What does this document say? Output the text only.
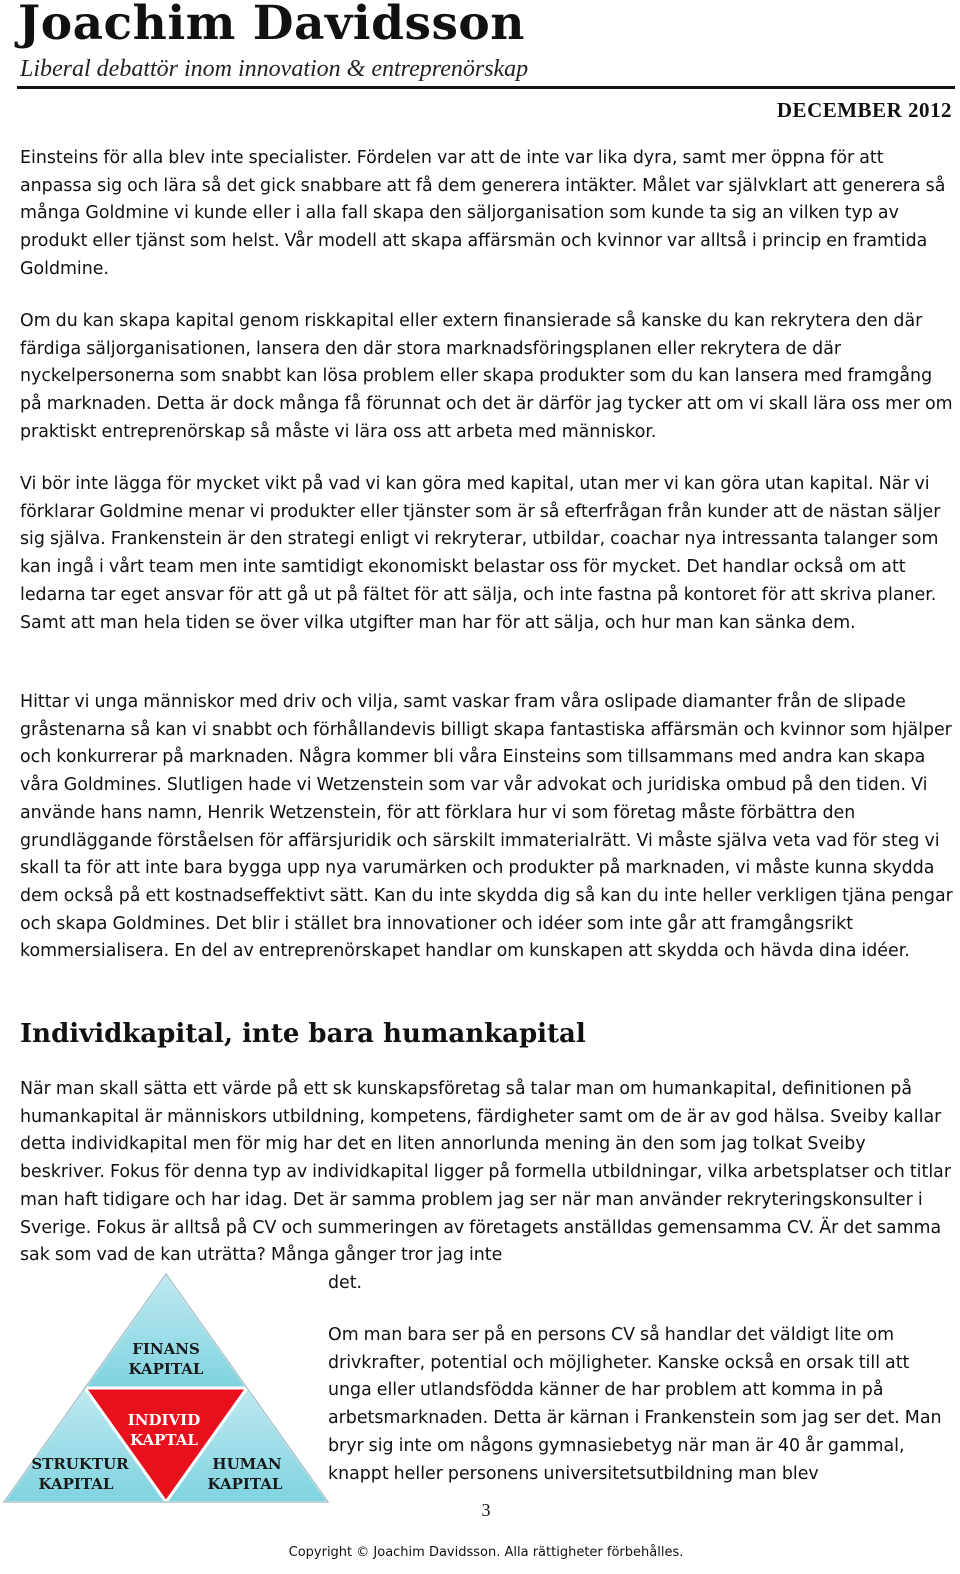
Joachim Davidsson
Liberal debattör inom innovation & entreprenörskap
DECEMBER 2012

Einsteins för alla blev inte specialister. Fördelen var att de inte var lika dyra, samt mer öppna för att anpassa sig och lära så det gick snabbare att få dem generera intäkter. Målet var självklart att generera så många Goldmine vi kunde eller i alla fall skapa den säljorganisation som kunde ta sig an vilken typ av produkt eller tjänst som helst. Vår modell att skapa affärsmän och kvinnor var alltså i princip en framtida Goldmine.

Om du kan skapa kapital genom riskkapital eller extern finansierade så kanske du kan rekrytera den där färdiga säljorganisationen, lansera den där stora marknadsföringsplanen eller rekrytera de där nyckelpersonerna som snabbt kan lösa problem eller skapa produkter som du kan lansera med framgång på marknaden. Detta är dock många få förunnat och det är därför jag tycker att om vi skall lära oss mer om praktiskt entreprenörskap så måste vi lära oss att arbeta med människor.

Vi bör inte lägga för mycket vikt på vad vi kan göra med kapital, utan mer vi kan göra utan kapital. När vi förklarar Goldmine menar vi produkter eller tjänster som är så efterfrågan från kunder att de nästan säljer sig själva. Frankenstein är den strategi enligt vi rekryterar, utbildar, coachar nya intressanta talanger som kan ingå i vårt team men inte samtidigt ekonomiskt belastar oss för mycket. Det handlar också om att ledarna tar eget ansvar för att gå ut på fältet för att sälja, och inte fastna på kontoret för att skriva planer. Samt att man hela tiden se över vilka utgifter man har för att sälja, och hur man kan sänka dem.

Hittar vi unga människor med driv och vilja, samt vaskar fram våra oslipade diamanter från de slipade gråstenarna så kan vi snabbt och förhållandevis billigt skapa fantastiska affärsmän och kvinnor som hjälper och konkurrerar på marknaden. Några kommer bli våra Einsteins som tillsammans med andra kan skapa våra Goldmines. Slutligen hade vi Wetzenstein som var vår advokat och juridiska ombud på den tiden. Vi använde hans namn, Henrik Wetzenstein, för att förklara hur vi som företag måste förbättra den grundläggande förståelsen för affärsjuridik och särskilt immaterialrätt. Vi måste själva veta vad för steg vi skall ta för att inte bara bygga upp nya varumärken och produkter på marknaden, vi måste kunna skydda dem också på ett kostnadseffektivt sätt. Kan du inte skydda dig så kan du inte heller verkligen tjäna pengar och skapa Goldmines. Det blir i stället bra innovationer och idéer som inte går att framgångsrikt kommersialisera. En del av entreprenörskapet handlar om kunskapen att skydda och hävda dina idéer.

Individkapital, inte bara humankapital

När man skall sätta ett värde på ett sk kunskapsföretag så talar man om humankapital, definitionen på humankapital är människors utbildning, kompetens, färdigheter samt om de är av god hälsa. Sveiby kallar detta individkapital men för mig har det en liten annorlunda mening än den som jag tolkat Sveiby beskriver. Fokus för denna typ av individkapital ligger på formella utbildningar, vilka arbetsplatser och titlar man haft tidigare och har idag. Det är samma problem jag ser när man använder rekryteringskonsulter i Sverige. Fokus är alltså på CV och summeringen av företagets anställdas gemensamma CV. Är det samma sak som vad de kan uträtta? Många gånger tror jag inte

det.
FINANS
KAPITAL
INDIVID
KAPTAL
STRUKTUR
KAPITAL
HUMAN
KAPITAL

Om man bara ser på en persons CV så handlar det väldigt lite om drivkrafter, potential och möjligheter. Kanske också en orsak till att unga eller utlandsfödda känner de har problem att komma in på arbetsmarknaden. Detta är kärnan i Frankenstein som jag ser det. Man bryr sig inte om någons gymnasiebetyg när man är 40 år gammal, knappt heller personens universitetsutbildning man blev

3
Copyright © Joachim Davidsson. Alla rättigheter förbehålles.
